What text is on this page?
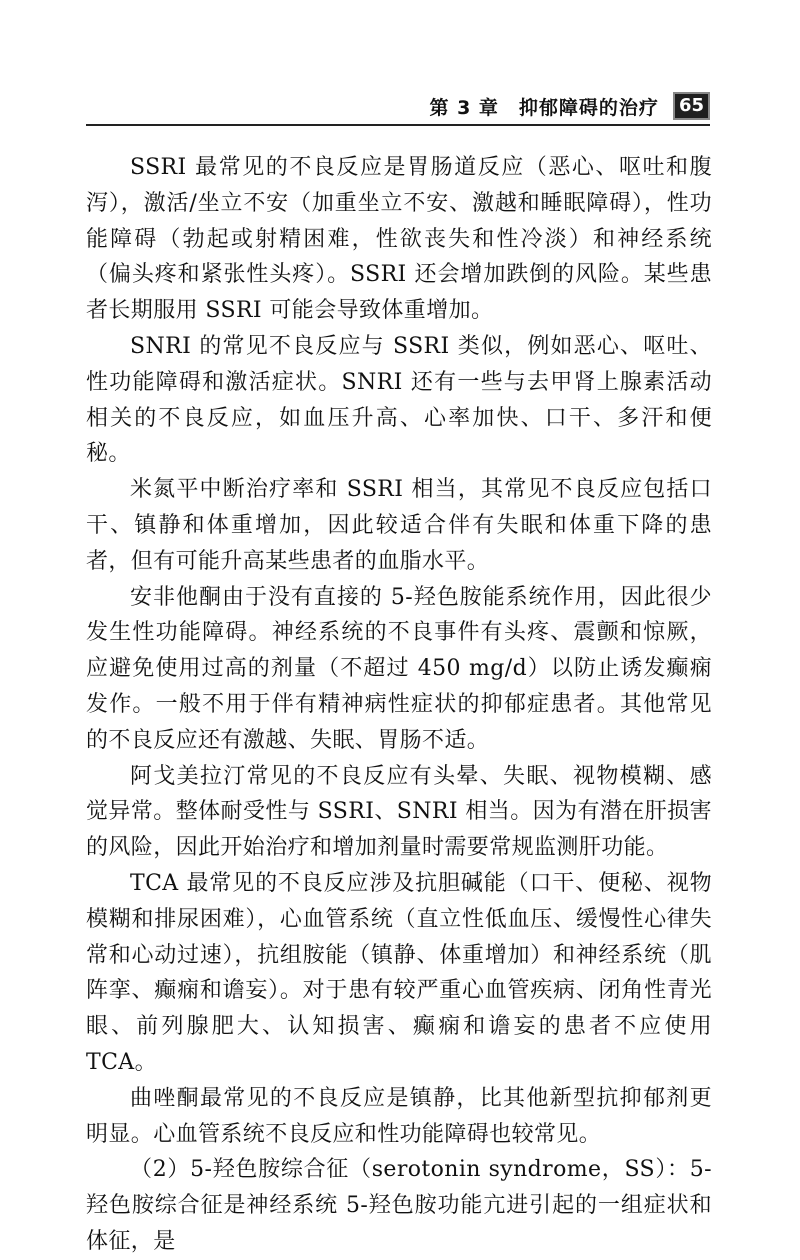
第 3 章　抑郁障碍的治疗	65

SSRI 最常见的不良反应是胃肠道反应（恶心、呕吐和腹泻），激活/坐立不安（加重坐立不安、激越和睡眠障碍），性功能障碍（勃起或射精困难，性欲丧失和性冷淡）和神经系统（偏头疼和紧张性头疼）。SSRI 还会增加跌倒的风险。某些患者长期服用 SSRI 可能会导致体重增加。

SNRI 的常见不良反应与 SSRI 类似，例如恶心、呕吐、性功能障碍和激活症状。SNRI 还有一些与去甲肾上腺素活动相关的不良反应，如血压升高、心率加快、口干、多汗和便秘。

米氮平中断治疗率和 SSRI 相当，其常见不良反应包括口干、镇静和体重增加，因此较适合伴有失眠和体重下降的患者，但有可能升高某些患者的血脂水平。

安非他酮由于没有直接的 5-羟色胺能系统作用，因此很少发生性功能障碍。神经系统的不良事件有头疼、震颤和惊厥，应避免使用过高的剂量（不超过 450 mg/d）以防止诱发癫痫发作。一般不用于伴有精神病性症状的抑郁症患者。其他常见的不良反应还有激越、失眠、胃肠不适。

阿戈美拉汀常见的不良反应有头晕、失眠、视物模糊、感觉异常。整体耐受性与 SSRI、SNRI 相当。因为有潜在肝损害的风险，因此开始治疗和增加剂量时需要常规监测肝功能。

TCA 最常见的不良反应涉及抗胆碱能（口干、便秘、视物模糊和排尿困难），心血管系统（直立性低血压、缓慢性心律失常和心动过速），抗组胺能（镇静、体重增加）和神经系统（肌阵挛、癫痫和谵妄）。对于患有较严重心血管疾病、闭角性青光眼、前列腺肥大、认知损害、癫痫和谵妄的患者不应使用 TCA。

曲唑酮最常见的不良反应是镇静，比其他新型抗抑郁剂更明显。心血管系统不良反应和性功能障碍也较常见。

（2）5-羟色胺综合征（serotonin syndrome，SS）：5-羟色胺综合征是神经系统 5-羟色胺功能亢进引起的一组症状和体征，是
